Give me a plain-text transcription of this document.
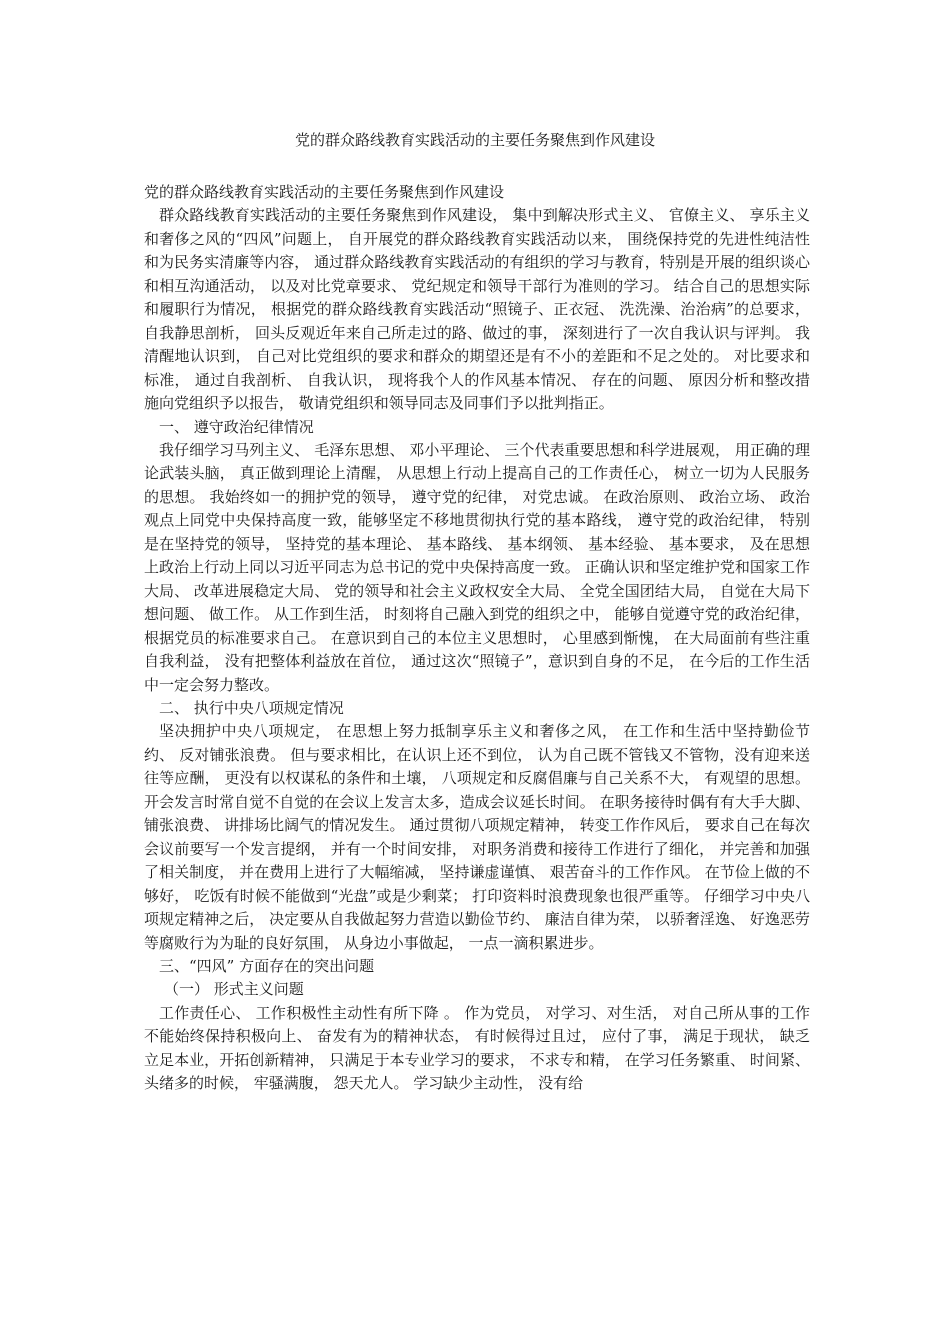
党的群众路线教育实践活动的主要任务聚焦到作风建设

党的群众路线教育实践活动的主要任务聚焦到作风建设

群众路线教育实践活动的主要任务聚焦到作风建设， 集中到解决形式主义、 官僚主义、 享乐主义和奢侈之风的“四风”问题上， 自开展党的群众路线教育实践活动以来， 围绕保持党的先进性纯洁性和为民务实清廉等内容， 通过群众路线教育实践活动的有组织的学习与教育，特别是开展的组织谈心和相互沟通活动， 以及对比党章要求、 党纪规定和领导干部行为准则的学习。 结合自己的思想实际和履职行为情况， 根据党的群众路线教育实践活动“照镜子、正衣冠、 洗洗澡、治治病”的总要求， 自我静思剖析， 回头反观近年来自己所走过的路、做过的事， 深刻进行了一次自我认识与评判。 我清醒地认识到， 自己对比党组织的要求和群众的期望还是有不小的差距和不足之处的。 对比要求和标准， 通过自我剖析、 自我认识， 现将我个人的作风基本情况、 存在的问题、 原因分析和整改措施向党组织予以报告， 敬请党组织和领导同志及同事们予以批判指正。

一、 遵守政治纪律情况

我仔细学习马列主义、 毛泽东思想、 邓小平理论、 三个代表重要思想和科学进展观， 用正确的理论武装头脑， 真正做到理论上清醒， 从思想上行动上提高自己的工作责任心， 树立一切为人民服务的思想。 我始终如一的拥护党的领导， 遵守党的纪律， 对党忠诚。 在政治原则、 政治立场、 政治观点上同党中央保持高度一致，能够坚定不移地贯彻执行党的基本路线， 遵守党的政治纪律， 特别是在坚持党的领导， 坚持党的基本理论、 基本路线、 基本纲领、 基本经验、 基本要求， 及在思想上政治上行动上同以习近平同志为总书记的党中央保持高度一致。 正确认识和坚定维护党和国家工作大局、 改革进展稳定大局、 党的领导和社会主义政权安全大局、 全党全国团结大局， 自觉在大局下想问题、 做工作。 从工作到生活， 时刻将自己融入到党的组织之中， 能够自觉遵守党的政治纪律， 根据党员的标准要求自己。 在意识到自己的本位主义思想时， 心里感到惭愧， 在大局面前有些注重自我利益， 没有把整体利益放在首位， 通过这次“照镜子”，意识到自身的不足， 在今后的工作生活中一定会努力整改。

二、 执行中央八项规定情况

坚决拥护中央八项规定， 在思想上努力抵制享乐主义和奢侈之风， 在工作和生活中坚持勤俭节约、 反对铺张浪费。 但与要求相比，在认识上还不到位， 认为自己既不管钱又不管物，没有迎来送往等应酬， 更没有以权谋私的条件和土壤， 八项规定和反腐倡廉与自己关系不大， 有观望的思想。 开会发言时常自觉不自觉的在会议上发言太多，造成会议延长时间。 在职务接待时偶有有大手大脚、 铺张浪费、 讲排场比阔气的情况发生。 通过贯彻八项规定精神， 转变工作作风后， 要求自己在每次会议前要写一个发言提纲， 并有一个时间安排， 对职务消费和接待工作进行了细化， 并完善和加强了相关制度， 并在费用上进行了大幅缩减， 坚持谦虚谨慎、 艰苦奋斗的工作作风。 在节俭上做的不够好， 吃饭有时候不能做到“光盘”或是少剩菜； 打印资料时浪费现象也很严重等。 仔细学习中央八项规定精神之后， 决定要从自我做起努力营造以勤俭节约、 廉洁自律为荣， 以骄奢淫逸、 好逸恶劳等腐败行为为耻的良好氛围， 从身边小事做起， 一点一滴积累进步。

三、“四风” 方面存在的突出问题

（一） 形式主义问题

工作责任心、 工作积极性主动性有所下降 。 作为党员， 对学习、对生活， 对自己所从事的工作不能始终保持积极向上、 奋发有为的精神状态， 有时候得过且过， 应付了事， 满足于现状， 缺乏立足本业，开拓创新精神， 只满足于本专业学习的要求， 不求专和精， 在学习任务繁重、 时间紧、 头绪多的时候， 牢骚满腹， 怨天尤人。 学习缺少主动性， 没有给
